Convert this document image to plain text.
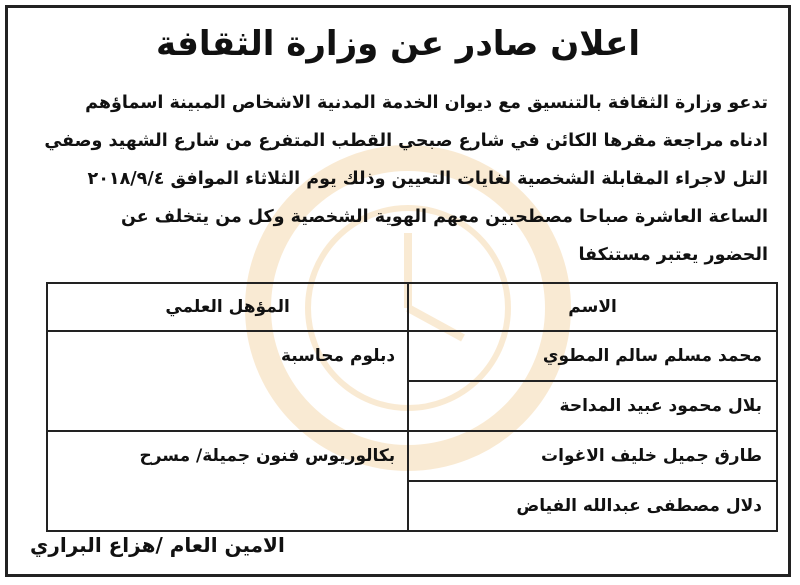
اعلان صادر عن وزارة الثقافة
تدعو وزارة الثقافة بالتنسيق مع ديوان الخدمة المدنية الاشخاص المبينة اسماؤهم
ادناه مراجعة مقرها الكائن في شارع صبحي القطب المتفرع من شارع الشهيد وصفي
التل لاجراء المقابلة الشخصية لغايات التعيين وذلك يوم الثلاثاء الموافق ٢٠١٨/٩/٤
الساعة العاشرة صباحا مصطحبين معهم الهوية الشخصية وكل من يتخلف عن
الحضور يعتبر مستنكفا
الاسم	المؤهل العلمي

محمد مسلم سالم المطوي
بلال محمود عبيد المداحة	دبلوم محاسبة

طارق جميل خليف الاغوات
دلال مصطفى عبدالله الفياض	بكالوريوس فنون جميلة/ مسرح
الامين العام /هزاع البراري
